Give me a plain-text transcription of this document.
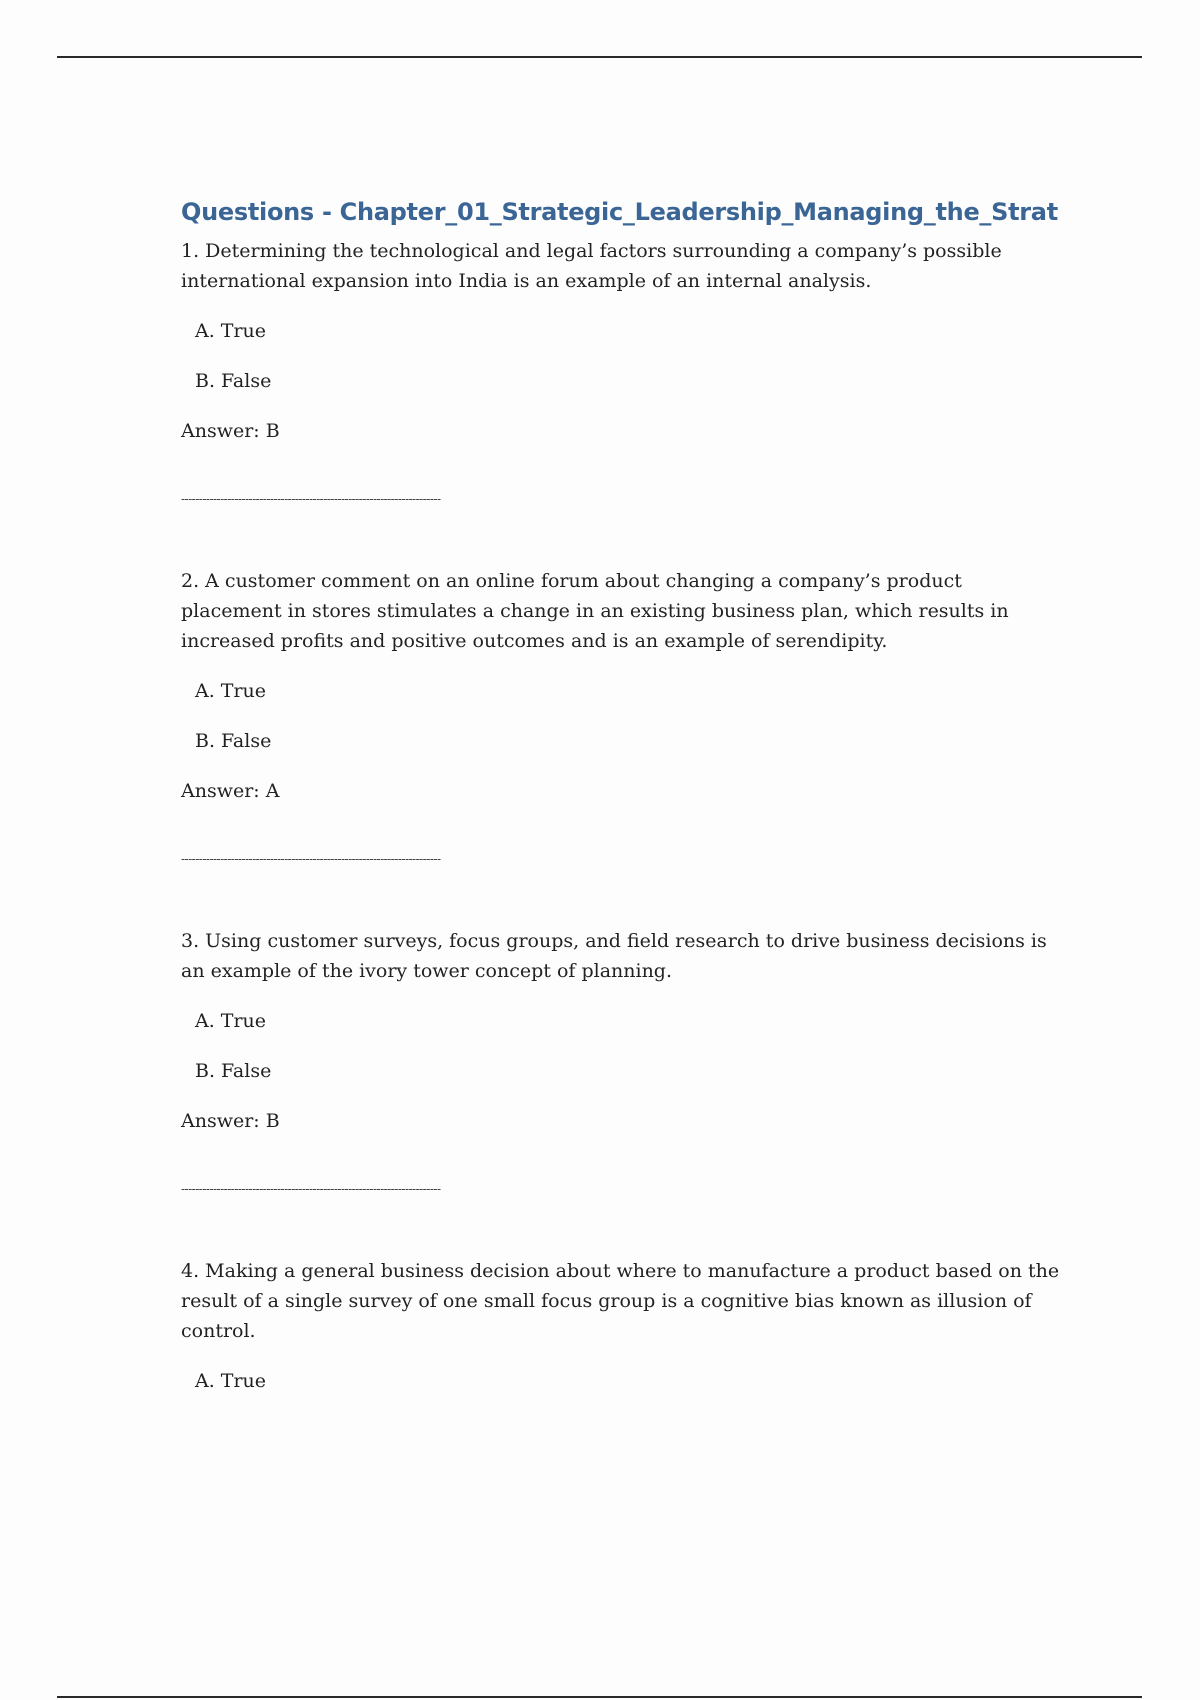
Questions - Chapter_01_Strategic_Leadership_Managing_the_Strat

1. Determining the technological and legal factors surrounding a company’s possible international expansion into India is an example of an internal analysis.

A. True

B. False

Answer: B

-------------------------------------------------------------------------

2. A customer comment on an online forum about changing a company’s product placement in stores stimulates a change in an existing business plan, which results in increased profits and positive outcomes and is an example of serendipity.

A. True

B. False

Answer: A

-------------------------------------------------------------------------

3. Using customer surveys, focus groups, and field research to drive business decisions is an example of the ivory tower concept of planning.

A. True

B. False

Answer: B

-------------------------------------------------------------------------

4. Making a general business decision about where to manufacture a product based on the result of a single survey of one small focus group is a cognitive bias known as illusion of control.

A. True
